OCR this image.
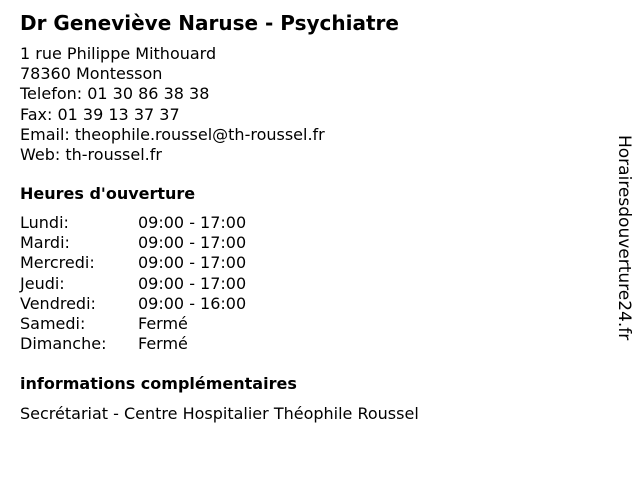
Dr Geneviève Naruse - Psychiatre
1 rue Philippe Mithouard
78360 Montesson
Telefon: 01 30 86 38 38
Fax: 01 39 13 37 37
Email: theophile.roussel@th-roussel.fr
Web: th-roussel.fr
Heures d'ouverture
Lundi:	09:00 - 17:00
Mardi:	09:00 - 17:00
Mercredi:	09:00 - 17:00
Jeudi:	09:00 - 17:00
Vendredi:	09:00 - 16:00
Samedi:	Fermé
Dimanche:	Fermé
informations complémentaires
Secrétariat - Centre Hospitalier Théophile Roussel
Horairesdouverture24.fr
